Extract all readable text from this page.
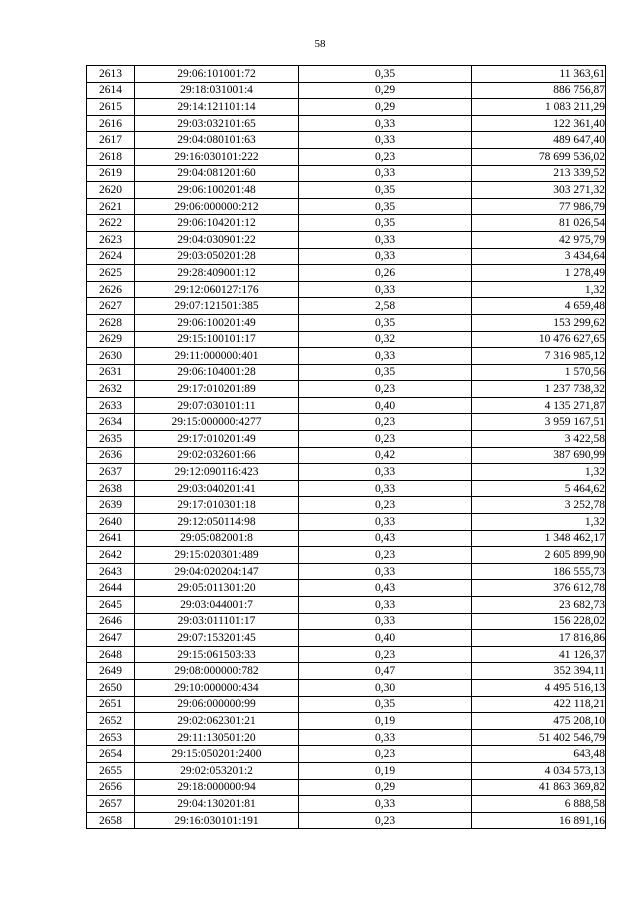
58
2613	29:06:101001:72	0,35	11 363,61
2614	29:18:031001:4	0,29	886 756,87
2615	29:14:121101:14	0,29	1 083 211,29
2616	29:03:032101:65	0,33	122 361,40
2617	29:04:080101:63	0,33	489 647,40
2618	29:16:030101:222	0,23	78 699 536,02
2619	29:04:081201:60	0,33	213 339,52
2620	29:06:100201:48	0,35	303 271,32
2621	29:06:000000:212	0,35	77 986,79
2622	29:06:104201:12	0,35	81 026,54
2623	29:04:030901:22	0,33	42 975,79
2624	29:03:050201:28	0,33	3 434,64
2625	29:28:409001:12	0,26	1 278,49
2626	29:12:060127:176	0,33	1,32
2627	29:07:121501:385	2,58	4 659,48
2628	29:06:100201:49	0,35	153 299,62
2629	29:15:100101:17	0,32	10 476 627,65
2630	29:11:000000:401	0,33	7 316 985,12
2631	29:06:104001:28	0,35	1 570,56
2632	29:17:010201:89	0,23	1 237 738,32
2633	29:07:030101:11	0,40	4 135 271,87
2634	29:15:000000:4277	0,23	3 959 167,51
2635	29:17:010201:49	0,23	3 422,58
2636	29:02:032601:66	0,42	387 690,99
2637	29:12:090116:423	0,33	1,32
2638	29:03:040201:41	0,33	5 464,62
2639	29:17:010301:18	0,23	3 252,78
2640	29:12:050114:98	0,33	1,32
2641	29:05:082001:8	0,43	1 348 462,17
2642	29:15:020301:489	0,23	2 605 899,90
2643	29:04:020204:147	0,33	186 555,73
2644	29:05:011301:20	0,43	376 612,78
2645	29:03:044001:7	0,33	23 682,73
2646	29:03:011101:17	0,33	156 228,02
2647	29:07:153201:45	0,40	17 816,86
2648	29:15:061503:33	0,23	41 126,37
2649	29:08:000000:782	0,47	352 394,11
2650	29:10:000000:434	0,30	4 495 516,13
2651	29:06:000000:99	0,35	422 118,21
2652	29:02:062301:21	0,19	475 208,10
2653	29:11:130501:20	0,33	51 402 546,79
2654	29:15:050201:2400	0,23	643,48
2655	29:02:053201:2	0,19	4 034 573,13
2656	29:18:000000:94	0,29	41 863 369,82
2657	29:04:130201:81	0,33	6 888,58
2658	29:16:030101:191	0,23	16 891,16
